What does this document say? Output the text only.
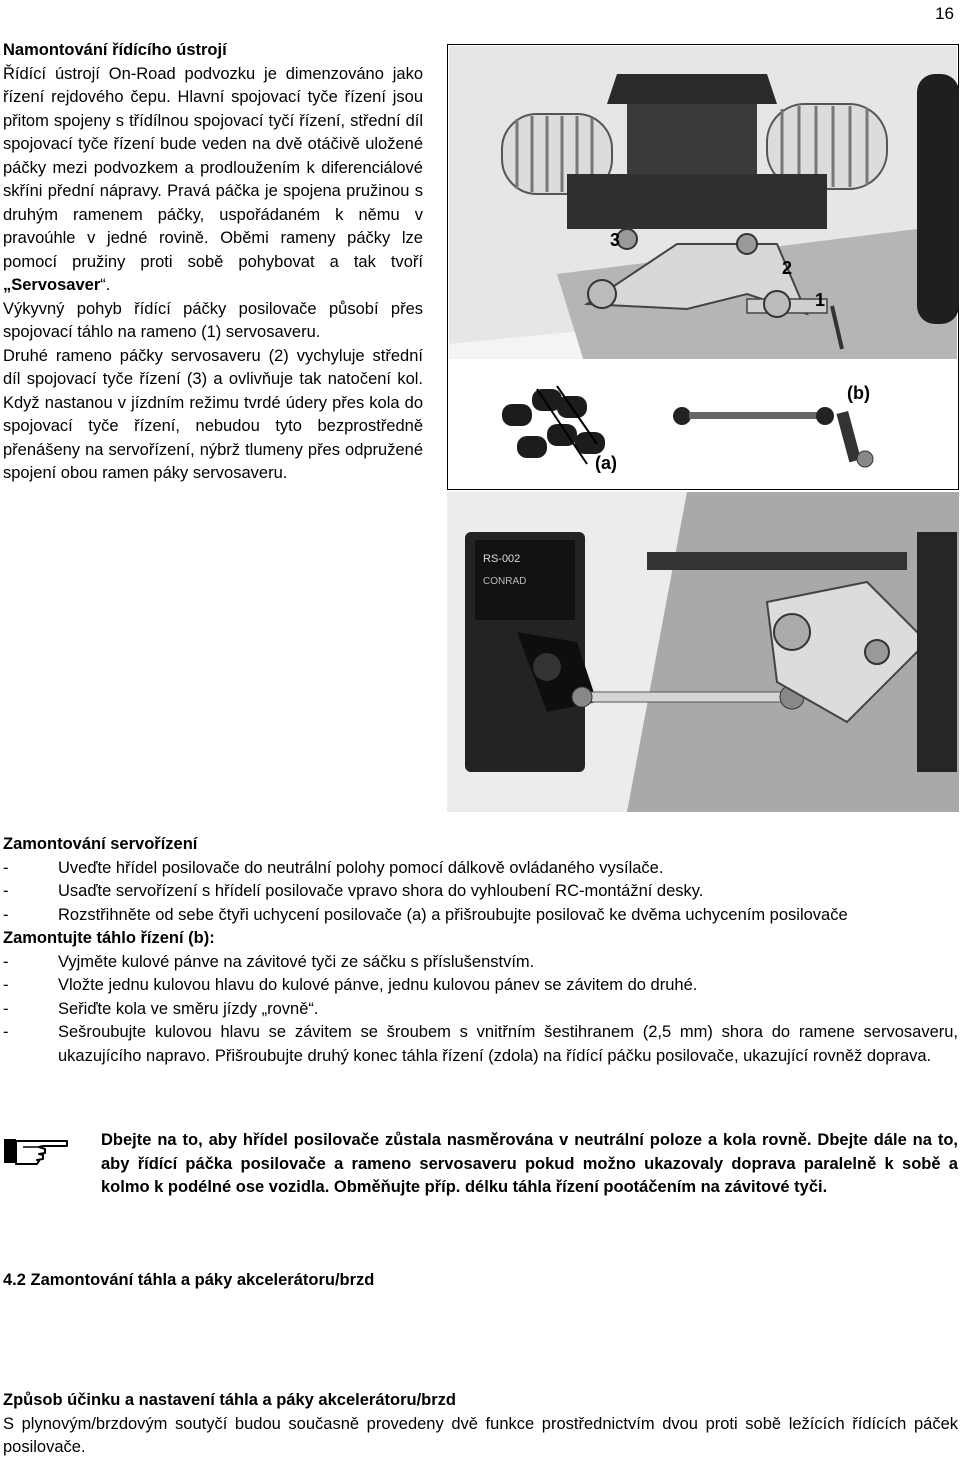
16
Namontování řídícího ústrojí

Řídící ústrojí On-Road podvozku je dimenzováno jako řízení rejdového čepu. Hlavní spojovací tyče řízení jsou přitom spojeny s třídílnou spojovací tyčí řízení, střední díl spojovací tyče řízení bude veden na dvě otáčivě uložené páčky mezi podvozkem a prodloužením k diferenciálové skříni přední nápravy. Pravá páčka je spojena pružinou s druhým ramenem páčky, uspořádaném k němu v pravoúhle v jedné rovině. Oběmi rameny páčky lze pomocí pružiny proti sobě pohybovat a tak tvoří „Servosaver“.

Výkyvný pohyb řídící páčky posilovače působí přes spojovací táhlo na rameno (1) servosaveru.

Druhé rameno páčky servosaveru (2) vychyluje střední díl spojovací tyče řízení (3) a ovlivňuje tak natočení kol. Když nastanou v jízdním režimu tvrdé údery přes kola do spojovací tyče řízení, nebudou tyto bezprostředně přenášeny na servořízení, nýbrž tlumeny přes odpružené spojení obou ramen páky servosaveru.

3
2
1
(a)
(b)
RS-002
CONRAD
Zamontování servořízení
-	Uveďte hřídel posilovače do neutrální polohy pomocí dálkově ovládaného vysílače.
-	Usaďte servořízení s hřídelí posilovače vpravo shora do vyhloubení RC-montážní desky.
-	Rozstřihněte od sebe čtyři uchycení posilovače (a) a přišroubujte posilovač ke dvěma uchycením posilovače
Zamontujte táhlo řízení (b):
-	Vyjměte kulové pánve na závitové tyči ze sáčku s příslušenstvím.
-	Vložte jednu kulovou hlavu do kulové pánve, jednu kulovou pánev se závitem do druhé.
-	Seřiďte kola ve směru jízdy „rovně“.
-	Sešroubujte kulovou hlavu se závitem se šroubem s vnitřním šestihranem (2,5 mm) shora do ramene servosaveru, ukazujícího napravo. Přišroubujte druhý konec táhla řízení (zdola) na řídící páčku posilovače, ukazující rovněž doprava.
Dbejte na to, aby hřídel posilovače zůstala nasměrována v neutrální poloze a kola rovně. Dbejte dále na to, aby řídící páčka posilovače a rameno servosaveru pokud možno ukazovaly doprava paralelně k sobě a kolmo k podélné ose vozidla. Obměňujte příp. délku táhla řízení pootáčením na závitové tyči.
4.2 Zamontování táhla a páky akcelerátoru/brzd
Způsob účinku a nastavení táhla a páky akcelerátoru/brzd

S plynovým/brzdovým soutyčí budou současně provedeny dvě funkce prostřednictvím dvou proti sobě ležících řídících páček posilovače.
